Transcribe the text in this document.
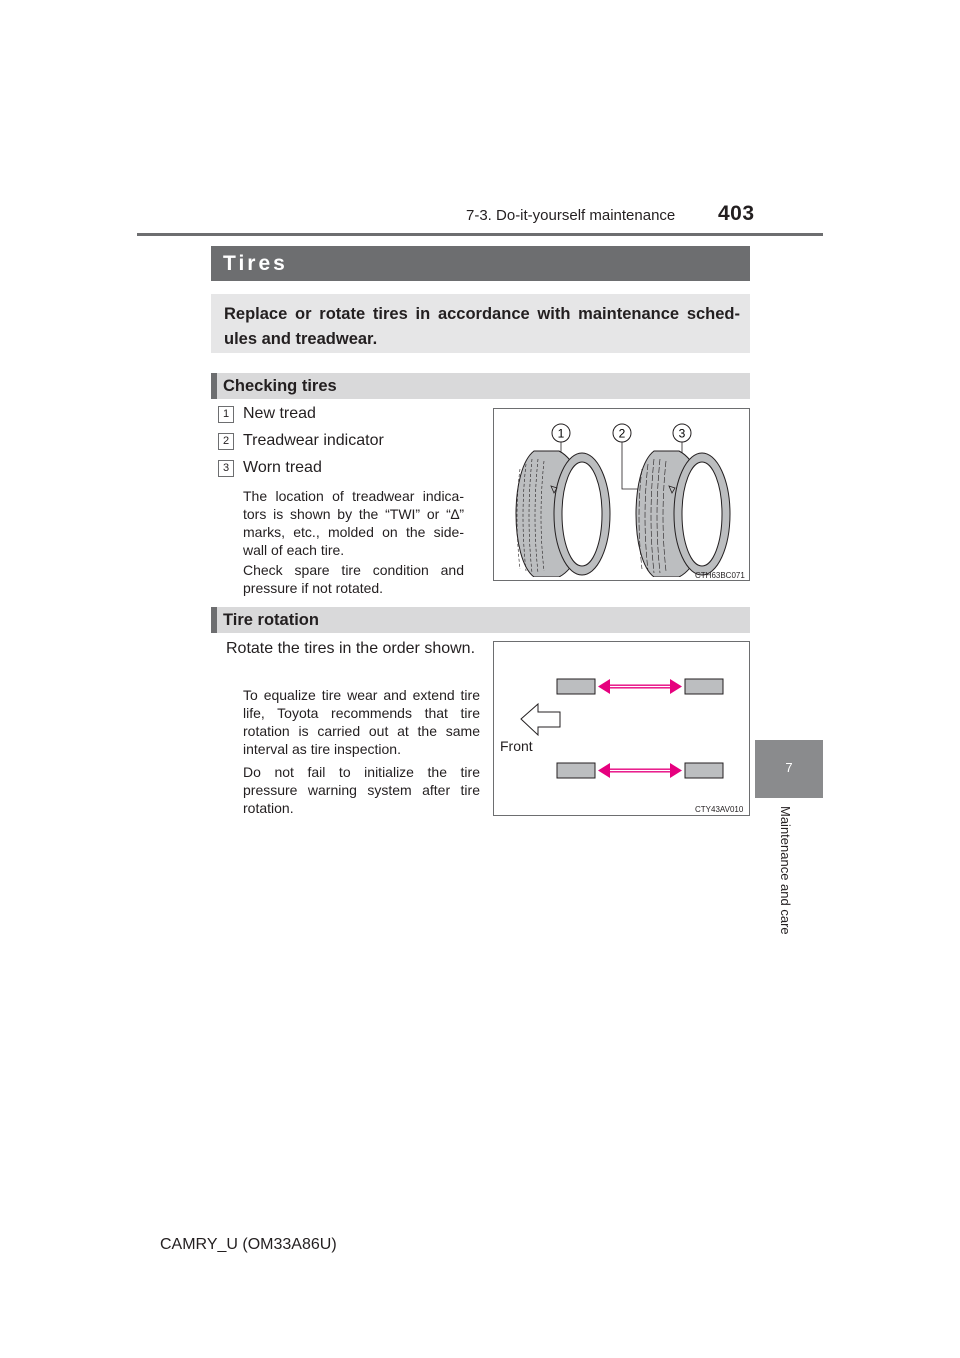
7-3. Do-it-yourself maintenance 403
7
Maintenance and care
Tires
Replace or rotate tires in accordance with maintenance sched-ules and treadwear.
Checking tires
1 New tread
2 Treadwear indicator
3 Worn tread
The location of treadwear indica-tors is shown by the “TWI” or “∆” marks, etc., molded on the side-wall of each tire.
Check spare tire condition and pressure if not rotated.
1	2	3
CTH63BC071
Tire rotation
Rotate the tires in the order shown.
To equalize tire wear and extend tire life, Toyota recommends that tire rotation is carried out at the same interval as tire inspection.
Do not fail to initialize the tire pressure warning system after tire rotation.
Front
CTY43AV010
CAMRY_U (OM33A86U)
